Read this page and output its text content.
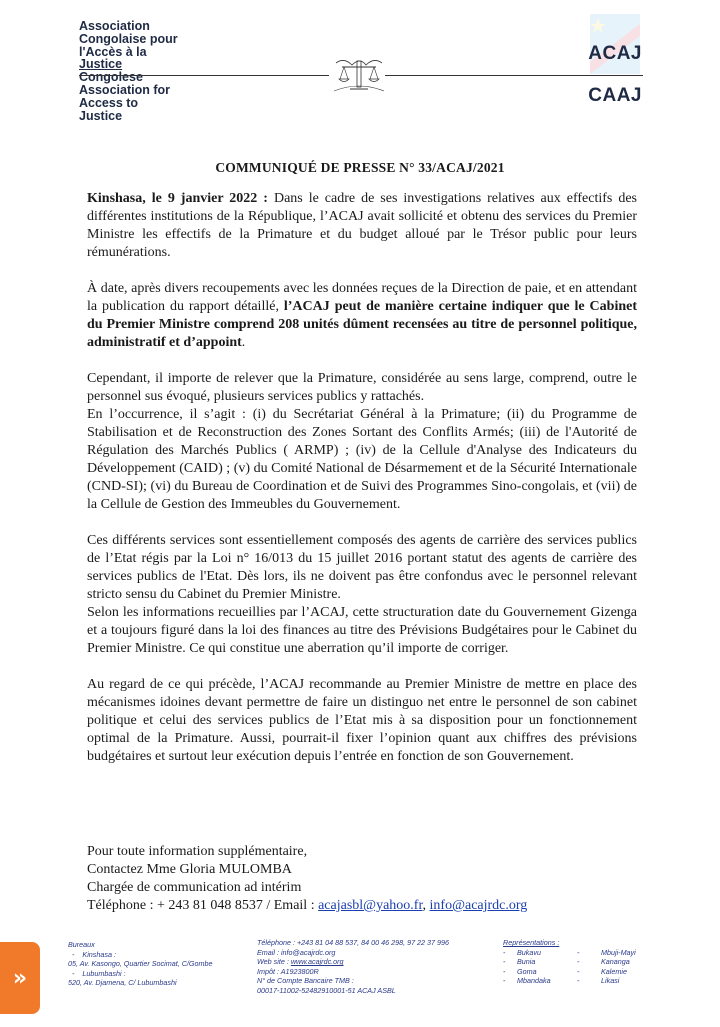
Association
Congolaise pour
l'Accès à la
Justice
Congolese
Association for
Access to
Justice
ACAJ
CAAJ
COMMUNIQUÉ DE PRESSE N° 33/ACAJ/2021

Kinshasa, le 9 janvier 2022 : Dans le cadre de ses investigations relatives aux effectifs des différentes institutions de la République, l’ACAJ avait sollicité et obtenu des services du Premier Ministre les effectifs de la Primature et du budget alloué par le Trésor public pour leurs rémunérations.

À date, après divers recoupements avec les données reçues de la Direction de paie, et en attendant la publication du rapport détaillé, l’ACAJ peut de manière certaine indiquer que le Cabinet du Premier Ministre comprend 208 unités dûment recensées au titre de personnel politique, administratif et d’appoint.

Cependant, il importe de relever que la Primature, considérée au sens large, comprend, outre le personnel sus évoqué, plusieurs services publics y rattachés.

En l’occurrence, il s’agit : (i) du Secrétariat Général à la Primature; (ii) du Programme de Stabilisation et de Reconstruction des Zones Sortant des Conflits Armés; (iii) de l'Autorité de Régulation des Marchés Publics ( ARMP) ; (iv) de la Cellule d'Analyse des Indicateurs du Développement (CAID) ; (v) du Comité National de Désarmement et de la Sécurité Internationale (CND-SI); (vi) du Bureau de Coordination et de Suivi des Programmes Sino-congolais, et (vii) de la Cellule de Gestion des Immeubles du Gouvernement.

Ces différents services sont essentiellement composés des agents de carrière des services publics de l’Etat régis par la Loi n° 16/013 du 15 juillet 2016 portant statut des agents de carrière des services publics de l'Etat. Dès lors, ils ne doivent pas être confondus avec le personnel relevant stricto sensu du Cabinet du Premier Ministre.

Selon les informations recueillies par l’ACAJ, cette structuration date du Gouvernement Gizenga et a toujours figuré dans la loi des finances au titre des Prévisions Budgétaires pour le Cabinet du Premier Ministre. Ce qui constitue une aberration qu’il importe de corriger.

Au regard de ce qui précède, l’ACAJ recommande au Premier Ministre de mettre en place des mécanismes idoines devant permettre de faire un distinguo net entre le personnel de son cabinet politique et celui des services publics de l’Etat mis à sa disposition pour un fonctionnement optimal de la Primature. Aussi, pourrait-il fixer l’opinion quant aux chiffres des prévisions budgétaires et surtout leur exécution depuis l’entrée en fonction de son Gouvernement.

Pour toute information supplémentaire,
Contactez Mme Gloria MULOMBA
Chargée de communication ad intérim
Téléphone : + 243 81 048 8537 / Email : acajasbl@yahoo.fr, info@acajrdc.org
Bureaux
- Kinshasa :
05, Av. Kasongo, Quartier Socimat, C/Gombe
- Lubumbashi :
520, Av. Djamena, C/ Lubumbashi
Téléphone : +243 81 04 88 537, 84 00 46 298, 97 22 37 996
Email : info@acajrdc.org
Web site : www.acajrdc.org
Impôt : A1923800R
N° de Compte Bancaire TMB :
00017-11002-52482910001-51 ACAJ ASBL
Représentations :
-	Bukavu	-	Mbuji-Mayi
-	Bunia	-	Kananga
-	Goma	-	Kalemie
-	Mbandaka	-	Likasi
»
